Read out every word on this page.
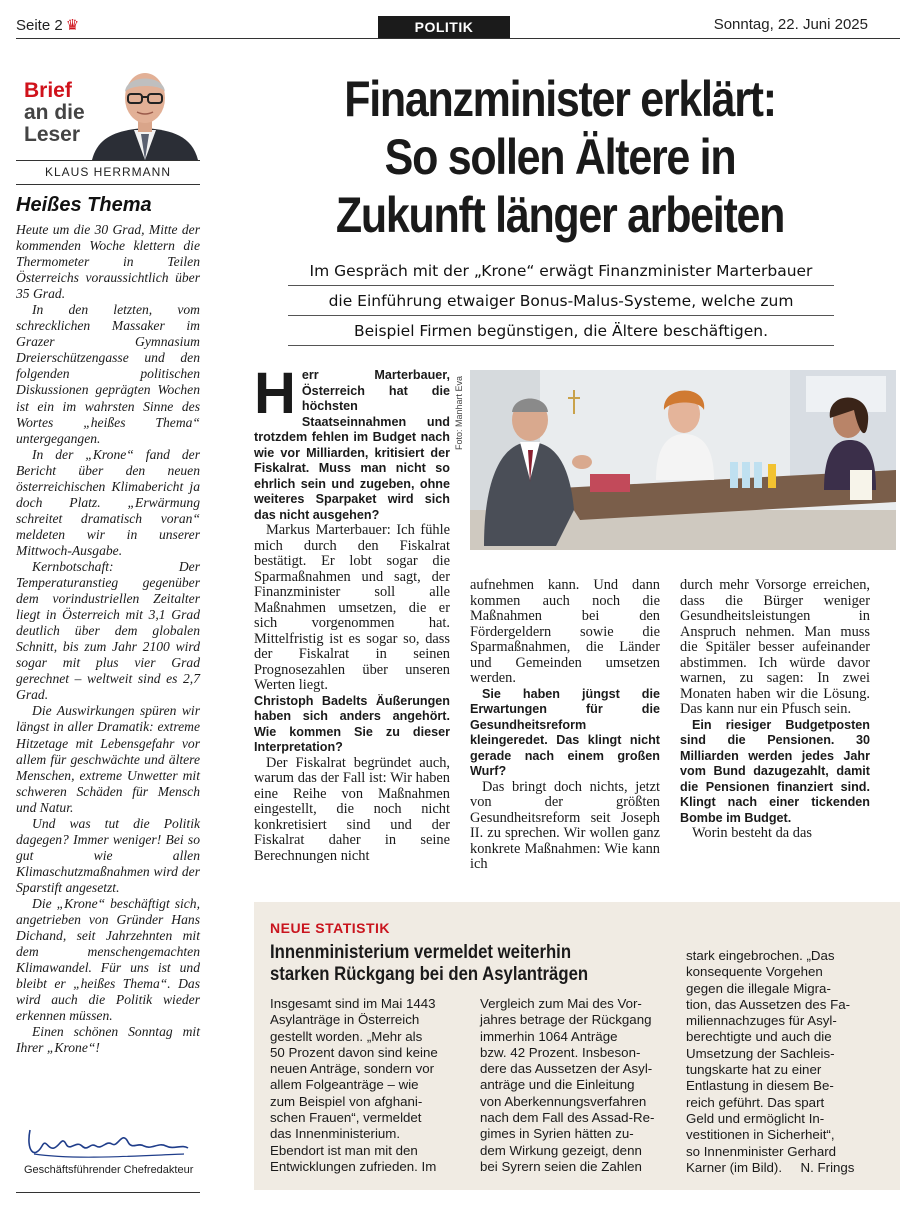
Seite 2 ♛	POLITIK	Sonntag, 22. Juni 2025
Brief
an die
Leser
KLAUS HERRMANN
Heißes Thema

Heute um die 30 Grad, Mitte der kommenden Woche klettern die Thermometer in Teilen Österreichs voraussichtlich über 35 Grad.

In den letzten, vom schrecklichen Massaker im Grazer Gymnasium Dreierschützengasse und den folgenden politischen Diskussionen geprägten Wochen ist ein im wahrsten Sinne des Wortes „heißes Thema“ untergegangen.

In der „Krone“ fand der Bericht über den neuen österreichischen Klimabericht ja doch Platz. „Erwärmung schreitet dramatisch voran“ meldeten wir in unserer Mittwoch-Ausgabe.

Kernbotschaft: Der Temperaturanstieg gegenüber dem vorindustriellen Zeitalter liegt in Österreich mit 3,1 Grad deutlich über dem globalen Schnitt, bis zum Jahr 2100 wird sogar mit plus vier Grad gerechnet – weltweit sind es 2,7 Grad.

Die Auswirkungen spüren wir längst in aller Dramatik: extreme Hitzetage mit Lebensgefahr vor allem für geschwächte und ältere Menschen, extreme Unwetter mit schweren Schäden für Mensch und Natur.

Und was tut die Politik dagegen? Immer weniger! Bei so gut wie allen Klimaschutzmaßnahmen wird der Sparstift angesetzt.

Die „Krone“ beschäftigt sich, angetrieben von Gründer Hans Dichand, seit Jahrzehnten mit dem menschengemachten Klimawandel. Für uns ist und bleibt er „heißes Thema“. Das wird auch die Politik wieder erkennen müssen.

Einen schönen Sonntag mit Ihrer „Krone“!

Geschäftsführender Chefredakteur
Finanzminister erklärt:
So sollen Ältere in
Zukunft länger arbeiten
Im Gespräch mit der „Krone“ erwägt Finanzminister Marterbauer
die Einführung etwaiger Bonus-Malus-Systeme, welche zum
Beispiel Firmen begünstigen, die Ältere beschäftigen.
H err Marterbauer, Österreich hat die höchsten Staatseinnahmen und trotzdem fehlen im Budget nach wie vor Milliarden, kritisiert der Fiskalrat. Muss man nicht so ehrlich sein und zugeben, ohne weiteres Sparpaket wird sich das nicht ausgehen?

Markus Marterbauer: Ich fühle mich durch den Fiskalrat bestätigt. Er lobt sogar die Sparmaßnahmen und sagt, der Finanzminister soll alle Maßnahmen umsetzen, die er sich vorgenommen hat. Mittelfristig ist es sogar so, dass der Fiskalrat in seinen Prognosezahlen über unseren Werten liegt.

Christoph Badelts Äußerungen haben sich anders angehört. Wie kommen Sie zu dieser Interpretation?

Der Fiskalrat begründet auch, warum das der Fall ist: Wir haben eine Reihe von Maßnahmen eingestellt, die noch nicht konkretisiert sind und der Fiskalrat daher in seine Berechnungen nicht

Foto: Manhart Eva

aufnehmen kann. Und dann kommen auch noch die Maßnahmen bei den Fördergeldern sowie die Sparmaßnahmen, die Länder und Gemeinden umsetzen werden.

Sie haben jüngst die Erwartungen für die Gesundheitsreform kleingeredet. Das klingt nicht gerade nach einem großen Wurf?

Das bringt doch nichts, jetzt von der größten Gesundheitsreform seit Joseph II. zu sprechen. Wir wollen ganz konkrete Maßnahmen: Wie kann ich

durch mehr Vorsorge erreichen, dass die Bürger weniger Gesundheitsleistungen in Anspruch nehmen. Man muss die Spitäler besser aufeinander abstimmen. Ich würde davor warnen, zu sagen: In zwei Monaten haben wir die Lösung. Das kann nur ein Pfusch sein.

Ein riesiger Budgetposten sind die Pensionen. 30 Milliarden werden jedes Jahr vom Bund dazugezahlt, damit die Pensionen finanziert sind. Klingt nach einer tickenden Bombe im Budget.

Worin besteht da das

NEUE STATISTIK
Innenministerium vermeldet weiterhin
starken Rückgang bei den Asylanträgen

Insgesamt sind im Mai 1443

Asylanträge in Österreich

gestellt worden. „Mehr als

50 Prozent davon sind keine

neuen Anträge, sondern vor

allem Folgeanträge – wie

zum Beispiel von afghani-

schen Frauen“, vermeldet

das Innenministerium.

Ebendort ist man mit den

Entwicklungen zufrieden. Im

Vergleich zum Mai des Vor-

jahres betrage der Rückgang

immerhin 1064 Anträge

bzw. 42 Prozent. Insbeson-

dere das Aussetzen der Asyl-

anträge und die Einleitung

von Aberkennungsverfahren

nach dem Fall des Assad-Re-

gimes in Syrien hätten zu-

dem Wirkung gezeigt, denn

bei Syrern seien die Zahlen

stark eingebrochen. „Das

konsequente Vorgehen

gegen die illegale Migra-

tion, das Aussetzen des Fa-

miliennachzuges für Asyl-

berechtigte und auch die

Umsetzung der Sachleis-

tungskarte hat zu einer

Entlastung in diesem Be-

reich geführt. Das spart

Geld und ermöglicht In-

vestitionen in Sicherheit“,

so Innenminister Gerhard

Karner (im Bild).     N. Frings
